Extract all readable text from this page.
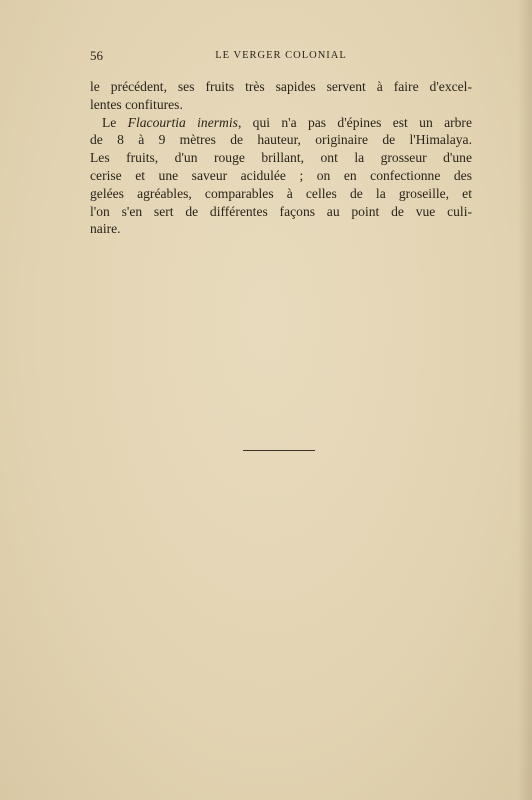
56	LE VERGER COLONIAL
le précédent, ses fruits très sapides servent à faire d'excel-
lentes confitures.
Le Flacourtia inermis, qui n'a pas d'épines est un arbre
de 8 à 9 mètres de hauteur, originaire de l'Himalaya.
Les fruits, d'un rouge brillant, ont la grosseur d'une
cerise et une saveur acidulée ; on en confectionne des
gelées agréables, comparables à celles de la groseille, et
l'on s'en sert de différentes façons au point de vue culi-
naire.
